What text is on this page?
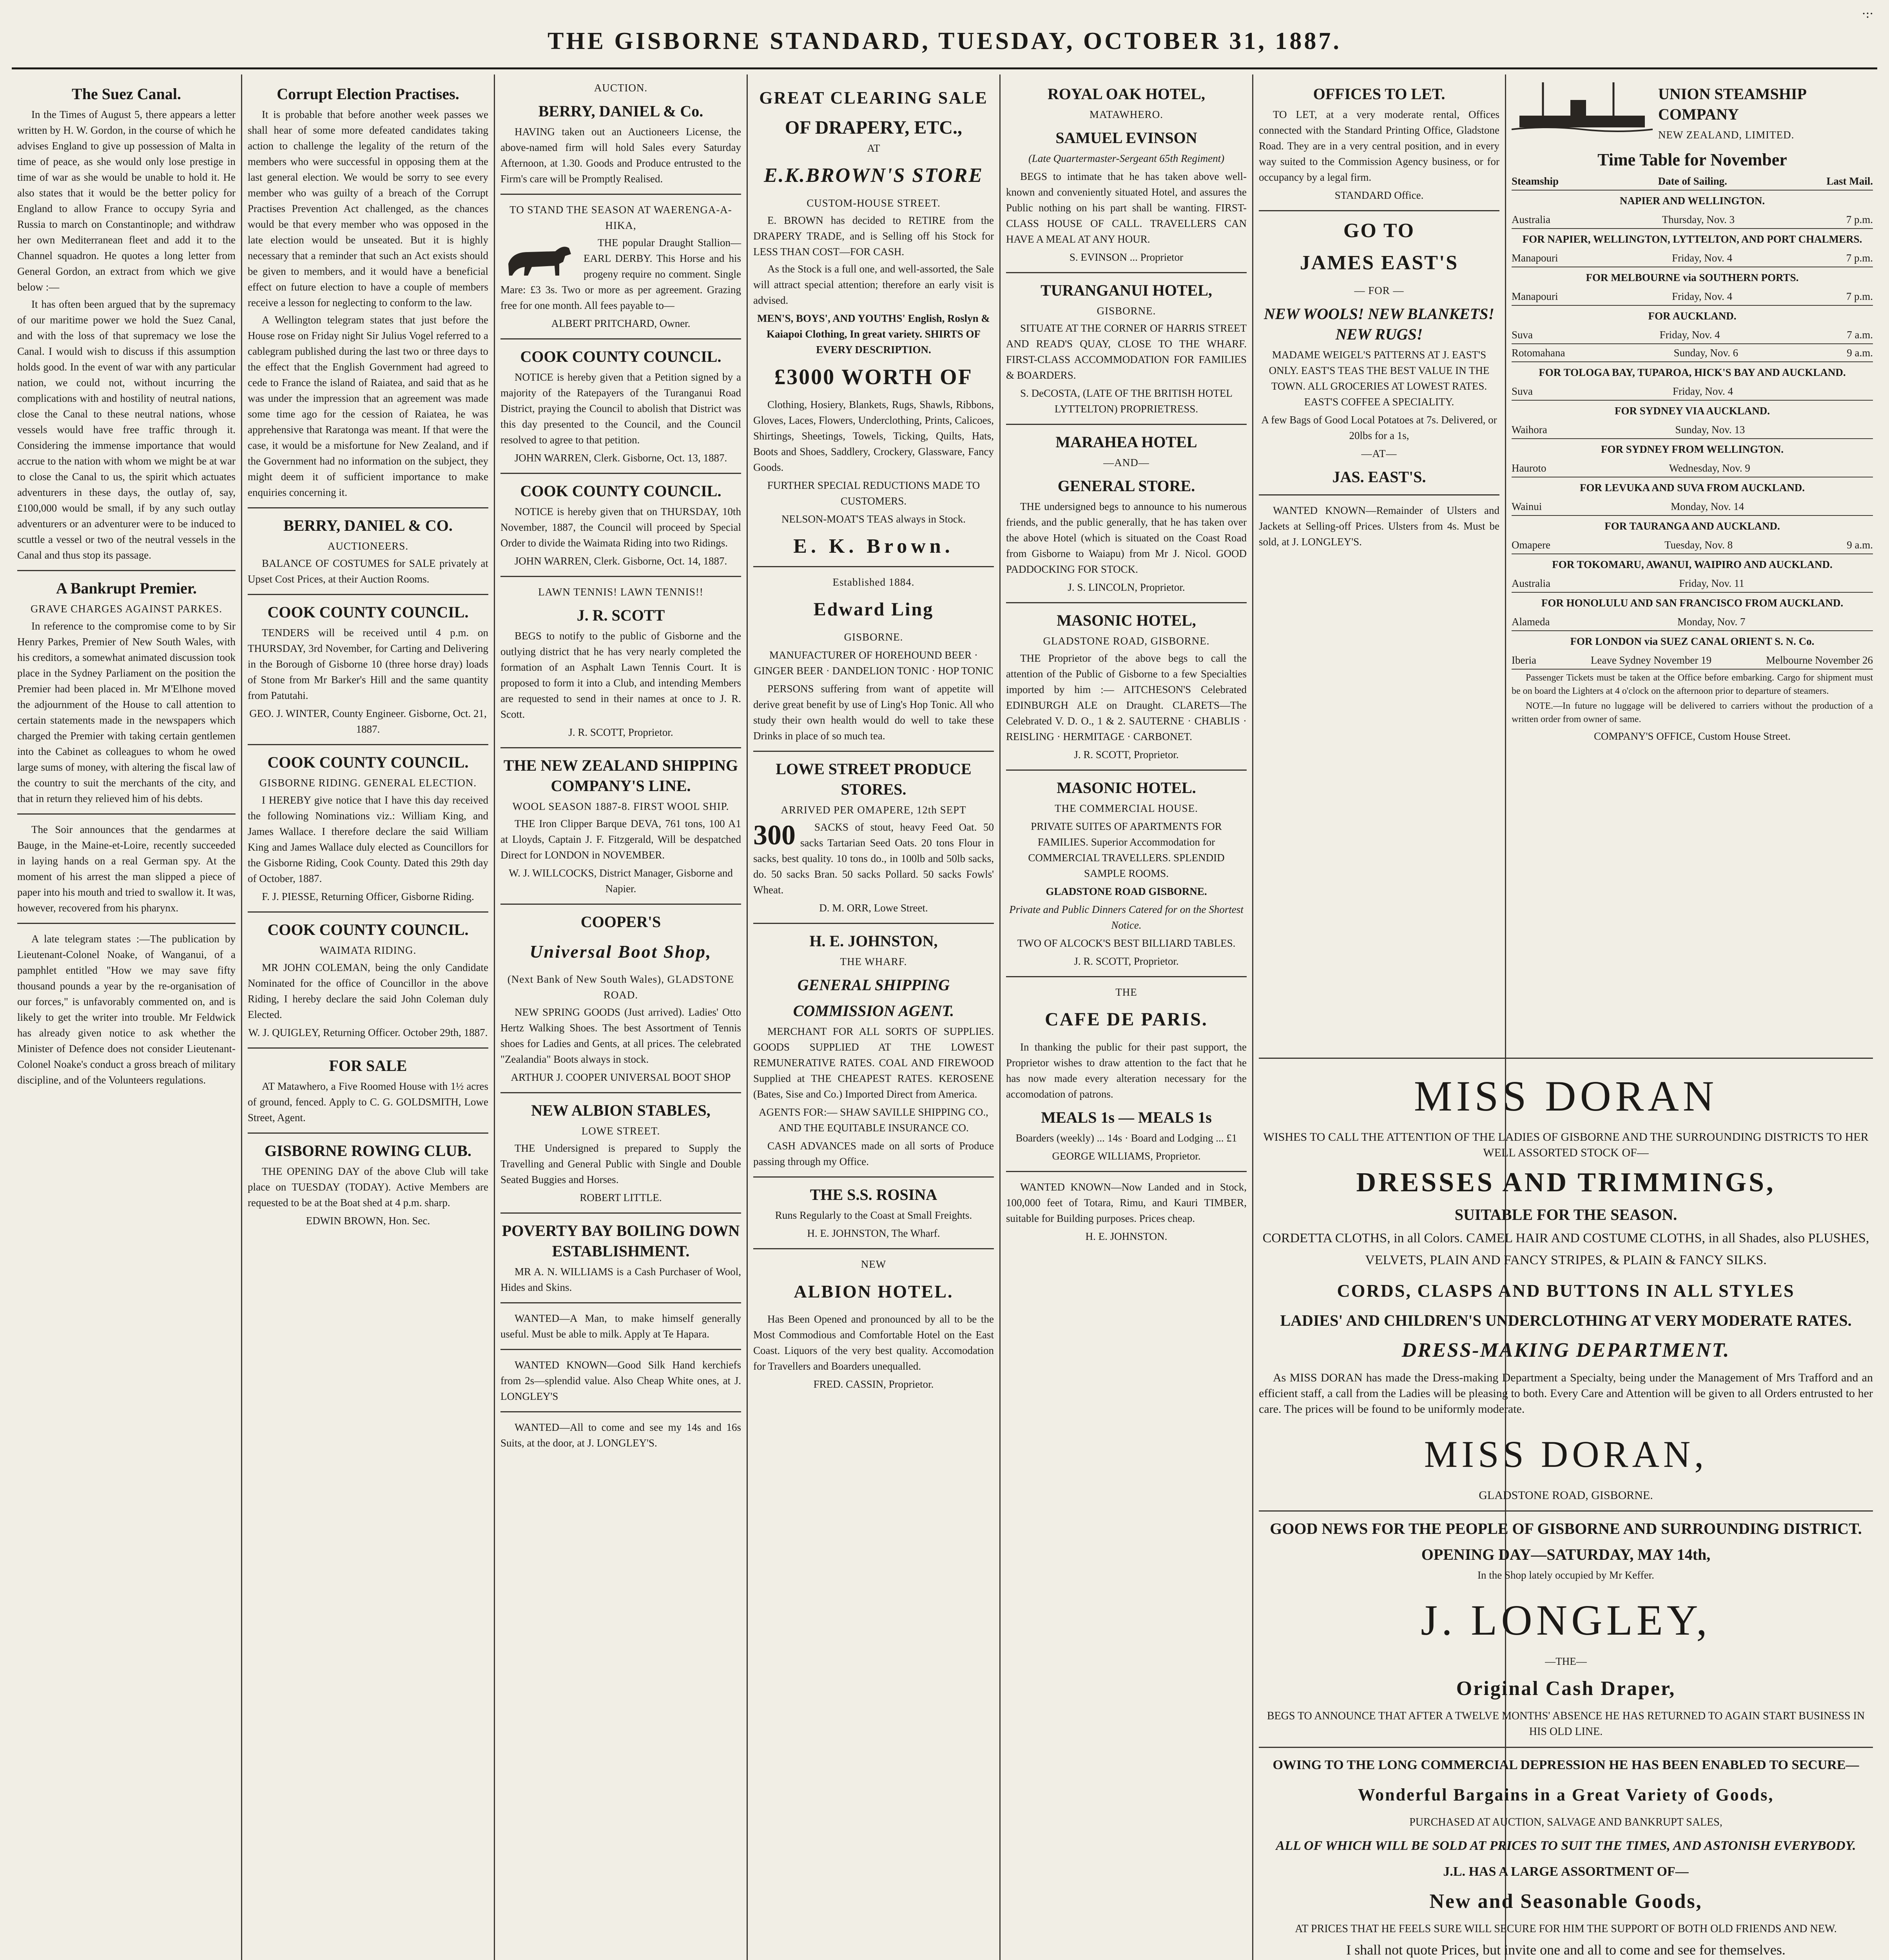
·:·
THE GISBORNE STANDARD, TUESDAY, OCTOBER 31, 1887.
The Suez Canal.

In the Times of August 5, there appears a letter written by H. W. Gordon, in the course of which he advises England to give up possession of Malta in time of peace, as she would only lose prestige in time of war as she would be unable to hold it. He also states that it would be the better policy for England to allow France to occupy Syria and Russia to march on Constantinople; and withdraw her own Mediterranean fleet and add it to the Channel squadron. He quotes a long letter from General Gordon, an extract from which we give below :—

It has often been argued that by the supremacy of our maritime power we hold the Suez Canal, and with the loss of that supremacy we lose the Canal. I would wish to discuss if this assumption holds good. In the event of war with any particular nation, we could not, without incurring the complications with and hostility of neutral nations, close the Canal to these neutral nations, whose vessels would have free traffic through it. Considering the immense importance that would accrue to the nation with whom we might be at war to close the Canal to us, the spirit which actuates adventurers in these days, the outlay of, say, £100,000 would be small, if by any such outlay adventurers or an adventurer were to be induced to scuttle a vessel or two of the neutral vessels in the Canal and thus stop its passage.

A Bankrupt Premier.
GRAVE CHARGES AGAINST PARKES.

In reference to the compromise come to by Sir Henry Parkes, Premier of New South Wales, with his creditors, a somewhat animated discussion took place in the Sydney Parliament on the position the Premier had been placed in. Mr M'Elhone moved the adjournment of the House to call attention to certain statements made in the newspapers which charged the Premier with taking certain gentlemen into the Cabinet as colleagues to whom he owed large sums of money, with altering the fiscal law of the country to suit the merchants of the city, and that in return they relieved him of his debts.

The Soir announces that the gendarmes at Bauge, in the Maine-et-Loire, recently succeeded in laying hands on a real German spy. At the moment of his arrest the man slipped a piece of paper into his mouth and tried to swallow it. It was, however, recovered from his pharynx.

A late telegram states :—The publication by Lieutenant-Colonel Noake, of Wanganui, of a pamphlet entitled "How we may save fifty thousand pounds a year by the re-organisation of our forces," is unfavorably commented on, and is likely to get the writer into trouble. Mr Feldwick has already given notice to ask whether the Minister of Defence does not consider Lieutenant-Colonel Noake's conduct a gross breach of military discipline, and of the Volunteers regulations.

Corrupt Election Practises.

It is probable that before another week passes we shall hear of some more defeated candidates taking action to challenge the legality of the return of the members who were successful in opposing them at the last general election. We would be sorry to see every member who was guilty of a breach of the Corrupt Practises Prevention Act challenged, as the chances would be that every member who was opposed in the late election would be unseated. But it is highly necessary that a reminder that such an Act exists should be given to members, and it would have a beneficial effect on future election to have a couple of members receive a lesson for neglecting to conform to the law.

A Wellington telegram states that just before the House rose on Friday night Sir Julius Vogel referred to a cablegram published during the last two or three days to the effect that the English Government had agreed to cede to France the island of Raiatea, and said that as he was under the impression that an agreement was made some time ago for the cession of Raiatea, he was apprehensive that Raratonga was meant. If that were the case, it would be a misfortune for New Zealand, and if the Government had no information on the subject, they might deem it of sufficient importance to make enquiries concerning it.

BERRY, DANIEL & CO.
AUCTIONEERS.

BALANCE OF COSTUMES for SALE privately at Upset Cost Prices, at their Auction Rooms.

COOK COUNTY COUNCIL.

TENDERS will be received until 4 p.m. on THURSDAY, 3rd November, for Carting and Delivering in the Borough of Gisborne 10 (three horse dray) loads of Stone from Mr Barker's Hill and the same quantity from Patutahi.

GEO. J. WINTER, County Engineer. Gisborne, Oct. 21, 1887.
COOK COUNTY COUNCIL.
GISBORNE RIDING. GENERAL ELECTION.

I HEREBY give notice that I have this day received the following Nominations viz.: William King, and James Wallace. I therefore declare the said William King and James Wallace duly elected as Councillors for the Gisborne Riding, Cook County. Dated this 29th day of October, 1887.

F. J. PIESSE, Returning Officer, Gisborne Riding.
COOK COUNTY COUNCIL.
WAIMATA RIDING.

MR JOHN COLEMAN, being the only Candidate Nominated for the office of Councillor in the above Riding, I hereby declare the said John Coleman duly Elected.

W. J. QUIGLEY, Returning Officer. October 29th, 1887.
FOR SALE

AT Matawhero, a Five Roomed House with 1½ acres of ground, fenced. Apply to C. G. GOLDSMITH, Lowe Street, Agent.

GISBORNE ROWING CLUB.

THE OPENING DAY of the above Club will take place on TUESDAY (TODAY). Active Members are requested to be at the Boat shed at 4 p.m. sharp.

EDWIN BROWN, Hon. Sec.
AUCTION.
BERRY, DANIEL & Co.

HAVING taken out an Auctioneers License, the above-named firm will hold Sales every Saturday Afternoon, at 1.30. Goods and Produce entrusted to the Firm's care will be Promptly Realised.

TO STAND THE SEASON AT WAERENGA-A-HIKA,

THE popular Draught Stallion— EARL DERBY. This Horse and his progeny require no comment. Single Mare: £3 3s. Two or more as per agreement. Grazing free for one month. All fees payable to—

ALBERT PRITCHARD, Owner.
COOK COUNTY COUNCIL.

NOTICE is hereby given that a Petition signed by a majority of the Ratepayers of the Turanganui Road District, praying the Council to abolish that District was this day presented to the Council, and the Council resolved to agree to that petition.

JOHN WARREN, Clerk. Gisborne, Oct. 13, 1887.
COOK COUNTY COUNCIL.

NOTICE is hereby given that on THURSDAY, 10th November, 1887, the Council will proceed by Special Order to divide the Waimata Riding into two Ridings.

JOHN WARREN, Clerk. Gisborne, Oct. 14, 1887.
LAWN TENNIS! LAWN TENNIS!!
J. R. SCOTT

BEGS to notify to the public of Gisborne and the outlying district that he has very nearly completed the formation of an Asphalt Lawn Tennis Court. It is proposed to form it into a Club, and intending Members are requested to send in their names at once to J. R. Scott.

J. R. SCOTT, Proprietor.
THE NEW ZEALAND SHIPPING COMPANY'S LINE.
WOOL SEASON 1887-8. FIRST WOOL SHIP.

THE Iron Clipper Barque DEVA, 761 tons, 100 A1 at Lloyds, Captain J. F. Fitzgerald, Will be despatched Direct for LONDON in NOVEMBER.

W. J. WILLCOCKS, District Manager, Gisborne and Napier.
COOPER'S
Universal Boot Shop,
(Next Bank of New South Wales), GLADSTONE ROAD.

NEW SPRING GOODS (Just arrived). Ladies' Otto Hertz Walking Shoes. The best Assortment of Tennis shoes for Ladies and Gents, at all prices. The celebrated "Zealandia" Boots always in stock.

ARTHUR J. COOPER UNIVERSAL BOOT SHOP
NEW ALBION STABLES,
LOWE STREET.

THE Undersigned is prepared to Supply the Travelling and General Public with Single and Double Seated Buggies and Horses.

ROBERT LITTLE.
POVERTY BAY BOILING DOWN ESTABLISHMENT.

MR A. N. WILLIAMS is a Cash Purchaser of Wool, Hides and Skins.

WANTED—A Man, to make himself generally useful. Must be able to milk. Apply at Te Hapara.

WANTED KNOWN—Good Silk Hand kerchiefs from 2s—splendid value. Also Cheap White ones, at J. LONGLEY'S

WANTED—All to come and see my 14s and 16s Suits, at the door, at J. LONGLEY'S.

GREAT CLEARING SALE
OF DRAPERY, ETC.,
AT
E.K.BROWN'S STORE
CUSTOM-HOUSE STREET.

E. BROWN has decided to RETIRE from the DRAPERY TRADE, and is Selling off his Stock for LESS THAN COST—FOR CASH.

As the Stock is a full one, and well-assorted, the Sale will attract special attention; therefore an early visit is advised.

MEN'S, BOYS', AND YOUTHS' English, Roslyn & Kaiapoi Clothing, In great variety. SHIRTS OF EVERY DESCRIPTION.
£3000 WORTH OF

Clothing, Hosiery, Blankets, Rugs, Shawls, Ribbons, Gloves, Laces, Flowers, Underclothing, Prints, Calicoes, Shirtings, Sheetings, Towels, Ticking, Quilts, Hats, Boots and Shoes, Saddlery, Crockery, Glassware, Fancy Goods.

FURTHER SPECIAL REDUCTIONS MADE TO CUSTOMERS.
NELSON-MOAT'S TEAS always in Stock.
E. K. Brown.
Established 1884.
Edward Ling
GISBORNE.
MANUFACTURER OF HOREHOUND BEER · GINGER BEER · DANDELION TONIC · HOP TONIC

PERSONS suffering from want of appetite will derive great benefit by use of Ling's Hop Tonic. All who study their own health would do well to take these Drinks in place of so much tea.

LOWE STREET PRODUCE STORES.
ARRIVED PER OMAPERE, 12th SEPT
300	SACKS of stout, heavy Feed Oat. 50 sacks Tartarian Seed Oats. 20 tons Flour in sacks, best quality. 10 tons do., in 100lb and 50lb sacks, do. 50 sacks Bran. 50 sacks Pollard. 50 sacks Fowls' Wheat.

D. M. ORR, Lowe Street.
H. E. JOHNSTON,
THE WHARF.
GENERAL SHIPPING
COMMISSION AGENT.

MERCHANT FOR ALL SORTS OF SUPPLIES. GOODS SUPPLIED AT THE LOWEST REMUNERATIVE RATES. COAL AND FIREWOOD Supplied at THE CHEAPEST RATES. KEROSENE (Bates, Sise and Co.) Imported Direct from America.

AGENTS FOR:— SHAW SAVILLE SHIPPING CO., AND THE EQUITABLE INSURANCE CO.

CASH ADVANCES made on all sorts of Produce passing through my Office.

THE S.S. ROSINA
Runs Regularly to the Coast at Small Freights.
H. E. JOHNSTON, The Wharf.
NEW
ALBION HOTEL.

Has Been Opened and pronounced by all to be the Most Commodious and Comfortable Hotel on the East Coast. Liquors of the very best quality. Accomodation for Travellers and Boarders unequalled.

FRED. CASSIN, Proprietor.
ROYAL OAK HOTEL,
MATAWHERO.
SAMUEL EVINSON
(Late Quartermaster-Sergeant 65th Regiment)

BEGS to intimate that he has taken above well-known and conveniently situated Hotel, and assures the Public nothing on his part shall be wanting. FIRST-CLASS HOUSE OF CALL. TRAVELLERS CAN HAVE A MEAL AT ANY HOUR.

S. EVINSON ... Proprietor
TURANGANUI HOTEL,
GISBORNE.

SITUATE AT THE CORNER OF HARRIS STREET AND READ'S QUAY, CLOSE TO THE WHARF. FIRST-CLASS ACCOMMODATION FOR FAMILIES & BOARDERS.

S. DeCOSTA, (LATE OF THE BRITISH HOTEL LYTTELTON) PROPRIETRESS.
MARAHEA HOTEL
—AND—
GENERAL STORE.

THE undersigned begs to announce to his numerous friends, and the public generally, that he has taken over the above Hotel (which is situated on the Coast Road from Gisborne to Waiapu) from Mr J. Nicol. GOOD PADDOCKING FOR STOCK.

J. S. LINCOLN, Proprietor.
MASONIC HOTEL,
GLADSTONE ROAD, GISBORNE.

THE Proprietor of the above begs to call the attention of the Public of Gisborne to a few Specialties imported by him :— AITCHESON'S Celebrated EDINBURGH ALE on Draught. CLARETS—The Celebrated V. D. O., 1 & 2. SAUTERNE · CHABLIS · REISLING · HERMITAGE · CARBONET.

J. R. SCOTT, Proprietor.
MASONIC HOTEL.
THE COMMERCIAL HOUSE.
PRIVATE SUITES OF APARTMENTS FOR FAMILIES. Superior Accommodation for COMMERCIAL TRAVELLERS. SPLENDID SAMPLE ROOMS.
GLADSTONE ROAD GISBORNE.
Private and Public Dinners Catered for on the Shortest Notice.
TWO OF ALCOCK'S BEST BILLIARD TABLES.
J. R. SCOTT, Proprietor.
THE
CAFE DE PARIS.

In thanking the public for their past support, the Proprietor wishes to draw attention to the fact that he has now made every alteration necessary for the accomodation of patrons.

MEALS 1s — MEALS 1s
Boarders (weekly) ... 14s · Board and Lodging ... £1
GEORGE WILLIAMS, Proprietor.

WANTED KNOWN—Now Landed and in Stock, 100,000 feet of Totara, Rimu, and Kauri TIMBER, suitable for Building purposes. Prices cheap.

H. E. JOHNSTON.
OFFICES TO LET.

TO LET, at a very moderate rental, Offices connected with the Standard Printing Office, Gladstone Road. They are in a very central position, and in every way suited to the Commission Agency business, or for occupancy by a legal firm.

STANDARD Office.
GO TO
JAMES EAST'S
— FOR —
NEW WOOLS! NEW BLANKETS! NEW RUGS!
MADAME WEIGEL'S PATTERNS AT J. EAST'S ONLY. EAST'S TEAS THE BEST VALUE IN THE TOWN. ALL GROCERIES AT LOWEST RATES. EAST'S COFFEE A SPECIALITY.
A few Bags of Good Local Potatoes at 7s. Delivered, or 20lbs for a 1s,
—AT—
JAS. EAST'S.

WANTED KNOWN—Remainder of Ulsters and Jackets at Selling-off Prices. Ulsters from 4s. Must be sold, at J. LONGLEY'S.

UNION STEAMSHIP COMPANY
NEW ZEALAND, LIMITED.
Time Table for November
Steamship	Date of Sailing.	Last Mail.
NAPIER AND WELLINGTON.
Australia	Thursday, Nov. 3	7 p.m.
FOR NAPIER, WELLINGTON, LYTTELTON, AND PORT CHALMERS.
Manapouri	Friday, Nov. 4	7 p.m.
FOR MELBOURNE via SOUTHERN PORTS.
Manapouri	Friday, Nov. 4	7 p.m.
FOR AUCKLAND.
Suva	Friday, Nov. 4	7 a.m.
Rotomahana	Sunday, Nov. 6	9 a.m.
FOR TOLOGA BAY, TUPAROA, HICK'S BAY AND AUCKLAND.
Suva	Friday, Nov. 4
FOR SYDNEY VIA AUCKLAND.
Waihora	Sunday, Nov. 13
FOR SYDNEY FROM WELLINGTON.
Hauroto	Wednesday, Nov. 9
FOR LEVUKA AND SUVA FROM AUCKLAND.
Wainui	Monday, Nov. 14
FOR TAURANGA AND AUCKLAND.
Omapere	Tuesday, Nov. 8	9 a.m.
FOR TOKOMARU, AWANUI, WAIPIRO AND AUCKLAND.
Australia	Friday, Nov. 11
FOR HONOLULU AND SAN FRANCISCO FROM AUCKLAND.
Alameda	Monday, Nov. 7
FOR LONDON via SUEZ CANAL ORIENT S. N. Co.
Iberia	Leave Sydney November 19	Melbourne November 26

Passenger Tickets must be taken at the Office before embarking. Cargo for shipment must be on board the Lighters at 4 o'clock on the afternoon prior to departure of steamers.

NOTE.—In future no luggage will be delivered to carriers without the production of a written order from owner of same.

COMPANY'S OFFICE, Custom House Street.
MISS DORAN
WISHES TO CALL THE ATTENTION OF THE LADIES OF GISBORNE AND THE SURROUNDING DISTRICTS TO HER WELL ASSORTED STOCK OF—
DRESSES AND TRIMMINGS,
SUITABLE FOR THE SEASON.
CORDETTA CLOTHS, in all Colors. CAMEL HAIR AND COSTUME CLOTHS, in all Shades, also PLUSHES, VELVETS, PLAIN AND FANCY STRIPES, & PLAIN & FANCY SILKS.
CORDS, CLASPS AND BUTTONS IN ALL STYLES
LADIES' AND CHILDREN'S UNDERCLOTHING AT VERY MODERATE RATES.
DRESS-MAKING DEPARTMENT.

As MISS DORAN has made the Dress-making Department a Specialty, being under the Management of Mrs Trafford and an efficient staff, a call from the Ladies will be pleasing to both. Every Care and Attention will be given to all Orders entrusted to her care. The prices will be found to be uniformly moderate.

MISS DORAN,
GLADSTONE ROAD, GISBORNE.
GOOD NEWS FOR THE PEOPLE OF GISBORNE AND SURROUNDING DISTRICT.
OPENING DAY—SATURDAY, MAY 14th,
In the Shop lately occupied by Mr Keffer.
J. LONGLEY,
—THE—
Original Cash Draper,
BEGS TO ANNOUNCE THAT AFTER A TWELVE MONTHS' ABSENCE HE HAS RETURNED TO AGAIN START BUSINESS IN HIS OLD LINE.
OWING TO THE LONG COMMERCIAL DEPRESSION HE HAS BEEN ENABLED TO SECURE—
Wonderful Bargains in a Great Variety of Goods,
PURCHASED AT AUCTION, SALVAGE AND BANKRUPT SALES,
ALL OF WHICH WILL BE SOLD AT PRICES TO SUIT THE TIMES, AND ASTONISH EVERYBODY.
J.L. HAS A LARGE ASSORTMENT OF—
New and Seasonable Goods,
AT PRICES THAT HE FEELS SURE WILL SECURE FOR HIM THE SUPPORT OF BOTH OLD FRIENDS AND NEW.
I shall not quote Prices, but invite one and all to come and see for themselves.
